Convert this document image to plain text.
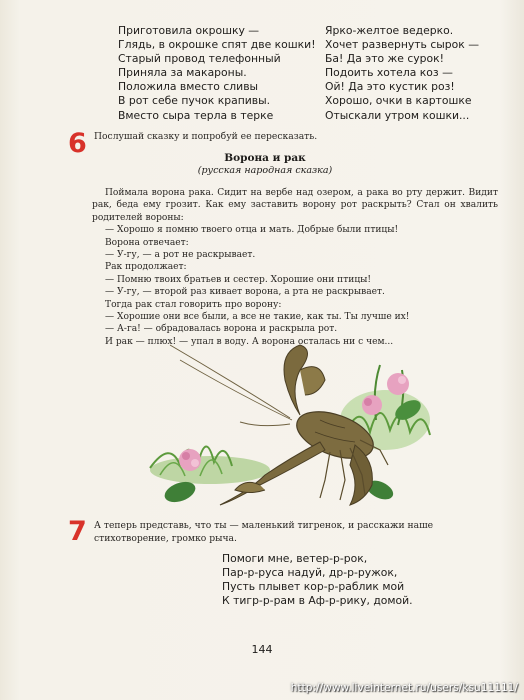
Приготовила окрошку —
Глядь, в окрошке спят две кошки!
Старый провод телефонный
Приняла за макароны.
Положила вместо сливы
В рот себе пучок крапивы.
Вместо сыра терла в терке
Ярко-желтое ведерко.
Хочет развернуть сырок —
Ба! Да это же сурок!
Подоить хотела коз —
Ой! Да это кустик роз!
Хорошо, очки в картошке
Отыскали утром кошки...
6 Послушай сказку и попробуй ее пересказать.
Ворона и рак
(русская народная сказка)

Поймала ворона рака. Сидит на вербе над озером, а рака во рту держит. Видит рак, беда ему грозит. Как ему заставить ворону рот раскрыть? Стал он хвалить родителей вороны:

— Хорошо я помню твоего отца и мать. Добрые были птицы!

Ворона отвечает:

— У-гу, — а рот не раскрывает.

Рак продолжает:

— Помню твоих братьев и сестер. Хорошие они птицы!

— У-гу, — второй раз кивает ворона, а рта не раскрывает.

Тогда рак стал говорить про ворону:

— Хорошие они все были, а все не такие, как ты. Ты лучше их!

— А-га! — обрадовалась ворона и раскрыла рот.

И рак — плюх! — упал в воду. А ворона осталась ни с чем...

7 А теперь представь, что ты — маленький тигренок, и расскажи наше стихотворение, громко рыча.
Помоги мне, ветер-р-рок,
Пар-р-руса надуй, др-р-ружок,
Пусть плывет кор-р-раблик мой
К тигр-р-рам в Аф-р-рику, домой.
144
http://www.liveinternet.ru/users/ksu11111/
